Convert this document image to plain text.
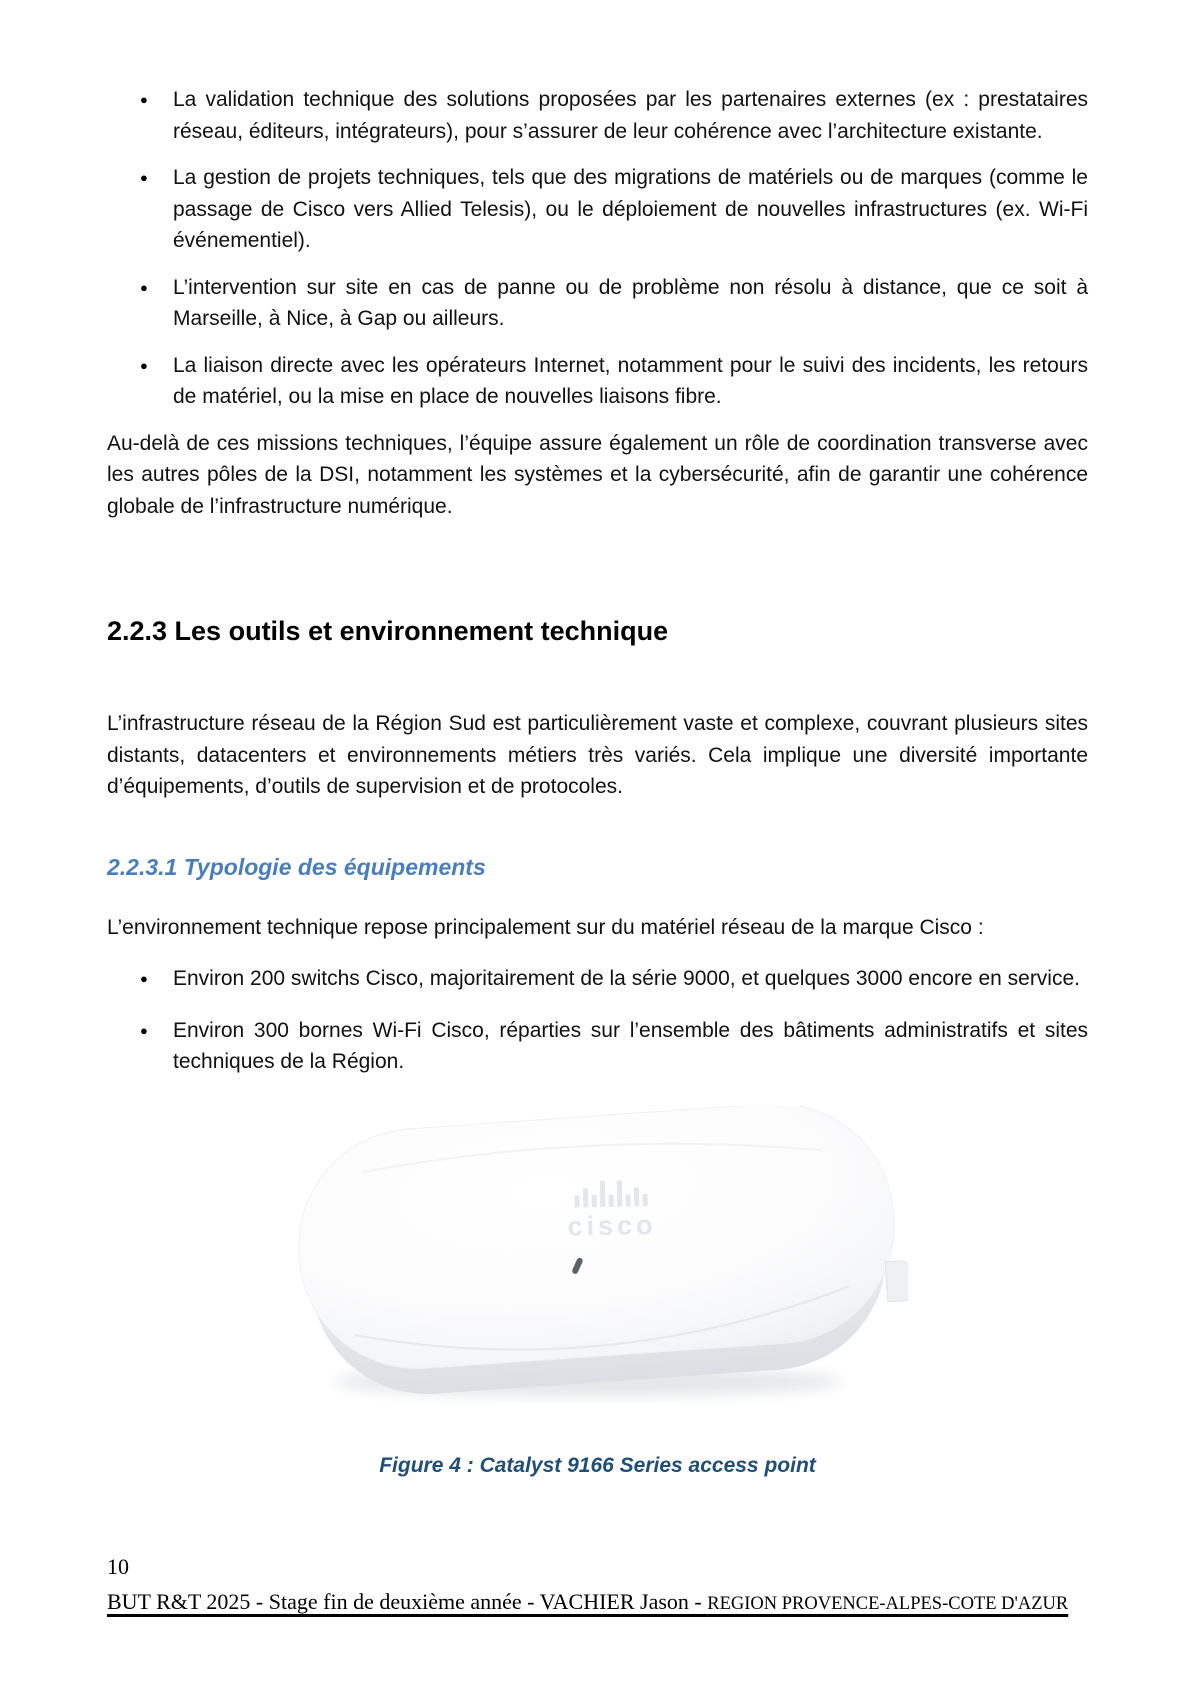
●	La validation technique des solutions proposées par les partenaires externes (ex : prestataires réseau, éditeurs, intégrateurs), pour s’assurer de leur cohérence avec l’architecture existante.
●	La gestion de projets techniques, tels que des migrations de matériels ou de marques (comme le passage de Cisco vers Allied Telesis), ou le déploiement de nouvelles infrastructures (ex. Wi-Fi événementiel).
●	L’intervention sur site en cas de panne ou de problème non résolu à distance, que ce soit à Marseille, à Nice, à Gap ou ailleurs.
●	La liaison directe avec les opérateurs Internet, notamment pour le suivi des incidents, les retours de matériel, ou la mise en place de nouvelles liaisons fibre.

Au-delà de ces missions techniques, l’équipe assure également un rôle de coordination transverse avec les autres pôles de la DSI, notamment les systèmes et la cybersécurité, afin de garantir une cohérence globale de l’infrastructure numérique.

2.2.3 Les outils et environnement technique

L’infrastructure réseau de la Région Sud est particulièrement vaste et complexe, couvrant plusieurs sites distants, datacenters et environnements métiers très variés. Cela implique une diversité importante d’équipements, d’outils de supervision et de protocoles.

2.2.3.1 Typologie des équipements

L’environnement technique repose principalement sur du matériel réseau de la marque Cisco :

●	Environ 200 switchs Cisco, majoritairement de la série 9000, et quelques 3000 encore en service.
●	Environ 300 bornes Wi-Fi Cisco, réparties sur l’ensemble des bâtiments administratifs et sites techniques de la Région.
cisco
Figure 4 : Catalyst 9166 Series access point
10
BUT R&T 2025 - Stage fin de deuxième année - VACHIER Jason - REGION PROVENCE-ALPES-COTE D'AZUR
